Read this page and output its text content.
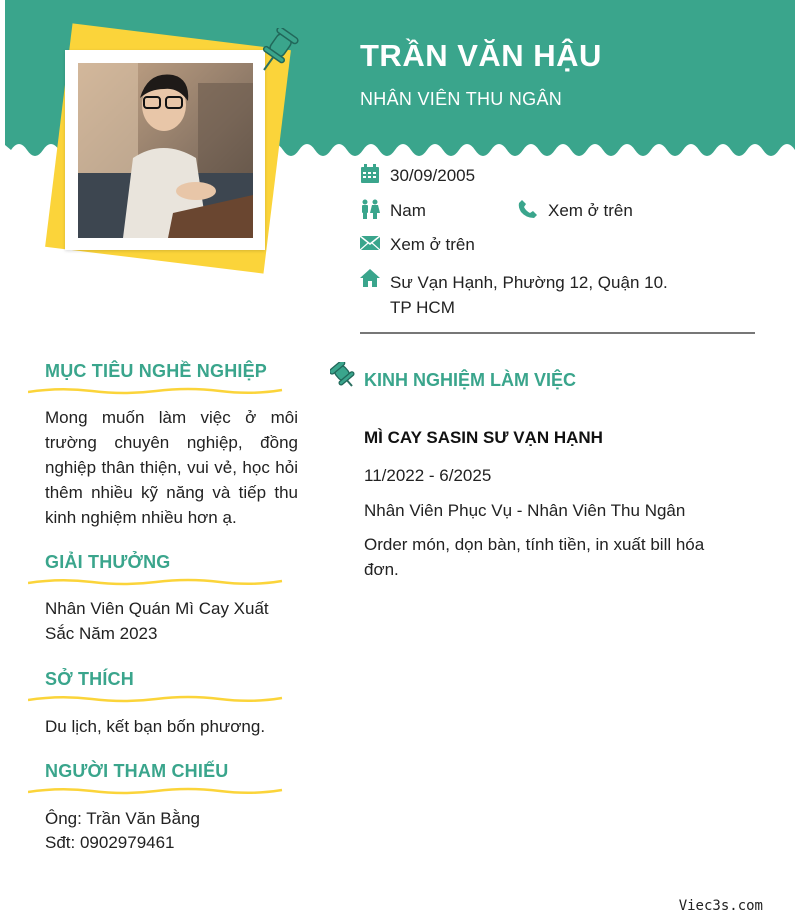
TRẦN VĂN HẬU
NHÂN VIÊN THU NGÂN
30/09/2005
Nam	Xem ở trên
Xem ở trên
Sư Vạn Hạnh, Phường 12, Quận 10. TP HCM
MỤC TIÊU NGHỀ NGHIỆP
Mong muốn làm việc ở môi trường chuyên nghiệp, đồng nghiệp thân thiện, vui vẻ, học hỏi thêm nhiều kỹ năng và tiếp thu kinh nghiệm nhiều hơn ạ.
GIẢI THƯỞNG
Nhân Viên Quán Mì Cay Xuất Sắc Năm 2023
SỞ THÍCH
Du lịch, kết bạn bốn phương.
NGƯỜI THAM CHIẾU
Ông: Trần Văn Bằng
Sđt: 0902979461
KINH NGHIỆM LÀM VIỆC
MÌ CAY SASIN SƯ VẠN HẠNH
11/2022 - 6/2025
Nhân Viên Phục Vụ - Nhân Viên Thu Ngân
Order món, dọn bàn, tính tiền, in xuất bill hóa đơn.
Viec3s.com
